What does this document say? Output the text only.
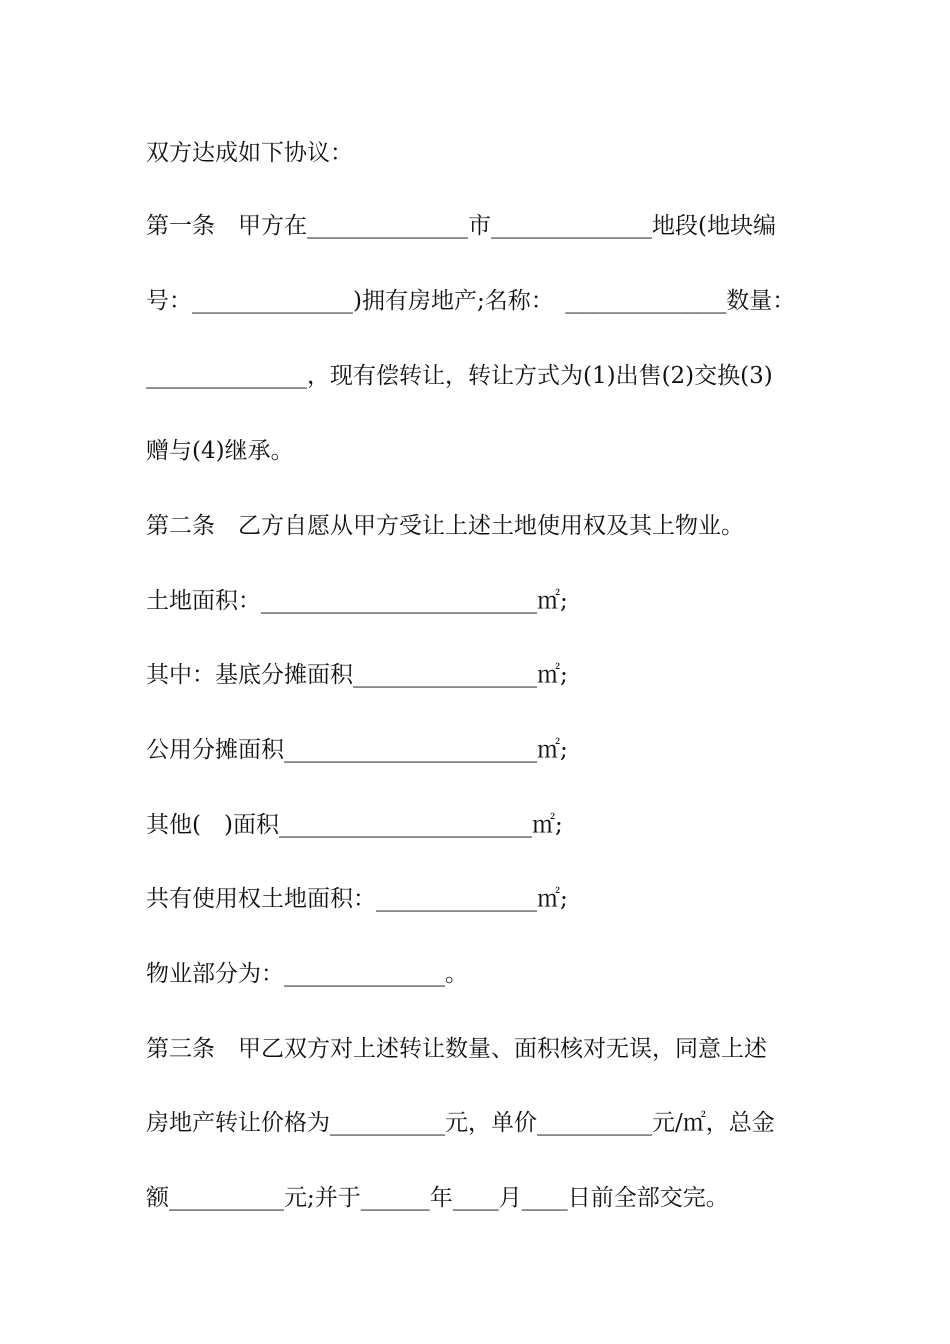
双方达成如下协议：
第一条　甲方在______________市______________地段(地块编
号：______________)拥有房地产;名称：　______________数量：
______________，现有偿转让，转让方式为(1)出售(2)交换(3)
赠与(4)继承。
第二条　乙方自愿从甲方受让上述土地使用权及其上物业。
土地面积：________________________㎡;
其中：基底分摊面积________________㎡;
公用分摊面积______________________㎡;
其他(　)面积______________________㎡;
共有使用权土地面积：______________㎡;
物业部分为：______________。
第三条　甲乙双方对上述转让数量、面积核对无误，同意上述
房地产转让价格为__________元，单价__________元/㎡，总金
额__________元;并于______年____月____日前全部交完。
